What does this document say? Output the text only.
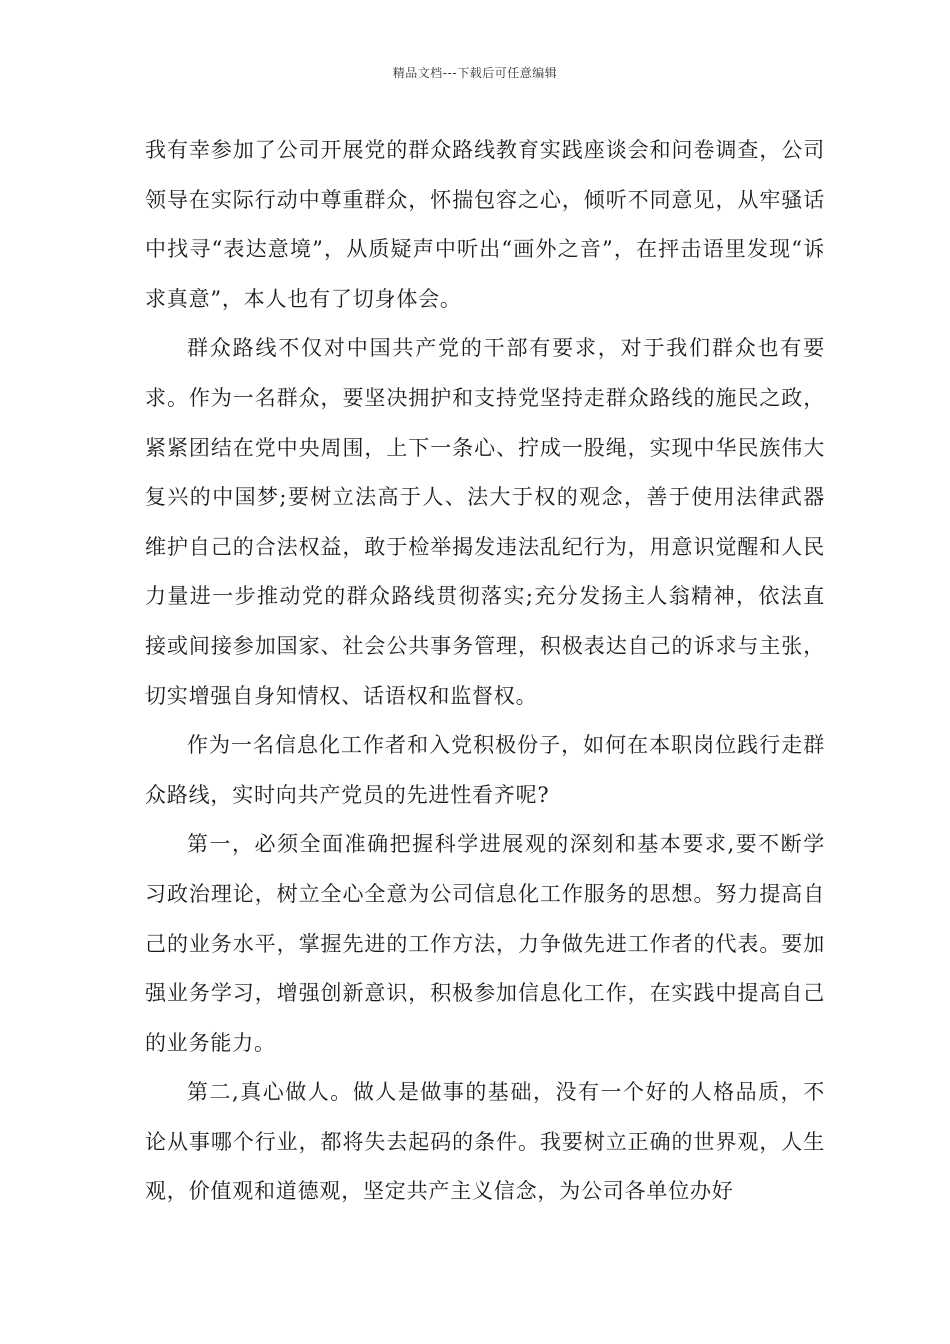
精品文档---下载后可任意编辑

我有幸参加了公司开展党的群众路线教育实践座谈会和问卷调查，公司领导在实际行动中尊重群众，怀揣包容之心，倾听不同意见，从牢骚话中找寻“表达意境”，从质疑声中听出“画外之音”，在抨击语里发现“诉求真意”，本人也有了切身体会。

群众路线不仅对中国共产党的干部有要求，对于我们群众也有要求。作为一名群众，要坚决拥护和支持党坚持走群众路线的施民之政，紧紧团结在党中央周围，上下一条心、拧成一股绳，实现中华民族伟大复兴的中国梦;要树立法高于人、法大于权的观念，善于使用法律武器维护自己的合法权益，敢于检举揭发违法乱纪行为，用意识觉醒和人民力量进一步推动党的群众路线贯彻落实;充分发扬主人翁精神，依法直接或间接参加国家、社会公共事务管理，积极表达自己的诉求与主张，切实增强自身知情权、话语权和监督权。

作为一名信息化工作者和入党积极份子，如何在本职岗位践行走群众路线，实时向共产党员的先进性看齐呢?

第一，必须全面准确把握科学进展观的深刻和基本要求,要不断学习政治理论，树立全心全意为公司信息化工作服务的思想。努力提高自己的业务水平，掌握先进的工作方法，力争做先进工作者的代表。要加强业务学习，增强创新意识，积极参加信息化工作，在实践中提高自己的业务能力。

第二,真心做人。做人是做事的基础，没有一个好的人格品质，不论从事哪个行业，都将失去起码的条件。我要树立正确的世界观，人生观，价值观和道德观，坚定共产主义信念，为公司各单位办好
